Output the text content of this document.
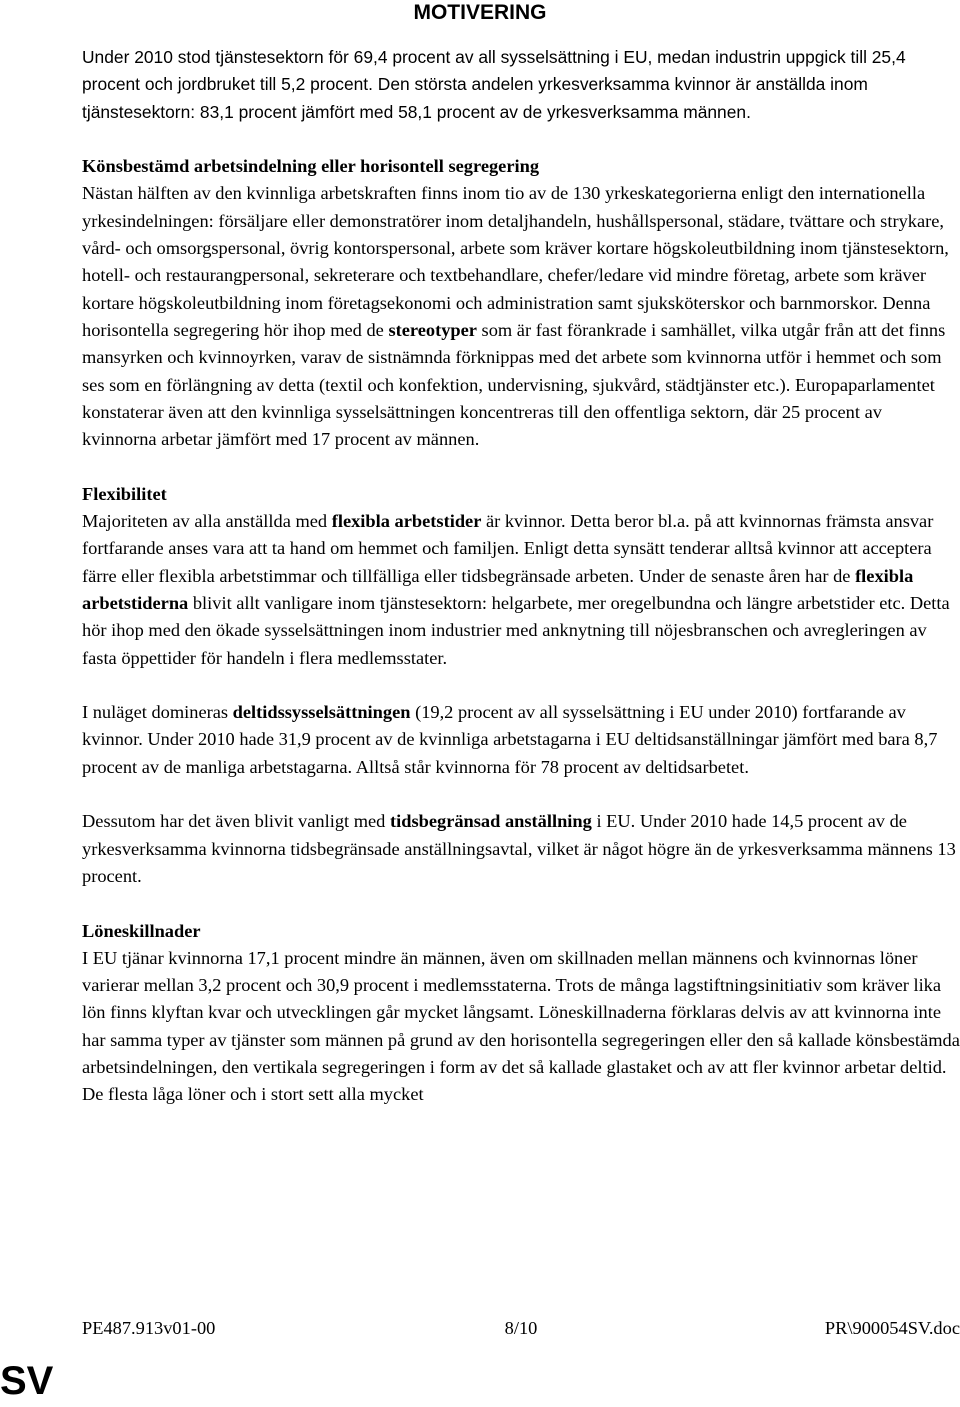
MOTIVERING

Under 2010 stod tjänstesektorn för 69,4 procent av all sysselsättning i EU, medan industrin uppgick till 25,4 procent och jordbruket till 5,2 procent. Den största andelen yrkesverksamma kvinnor är anställda inom tjänstesektorn: 83,1 procent jämfört med 58,1 procent av de yrkesverksamma männen.

Könsbestämd arbetsindelning eller horisontell segregering

Nästan hälften av den kvinnliga arbetskraften finns inom tio av de 130 yrkeskategorierna enligt den internationella yrkesindelningen: försäljare eller demonstratörer inom detaljhandeln, hushållspersonal, städare, tvättare och strykare, vård- och omsorgspersonal, övrig kontorspersonal, arbete som kräver kortare högskoleutbildning inom tjänstesektorn, hotell- och restaurangpersonal, sekreterare och textbehandlare, chefer/ledare vid mindre företag, arbete som kräver kortare högskoleutbildning inom företagsekonomi och administration samt sjuksköterskor och barnmorskor. Denna horisontella segregering hör ihop med de stereotyper som är fast förankrade i samhället, vilka utgår från att det finns mansyrken och kvinnoyrken, varav de sistnämnda förknippas med det arbete som kvinnorna utför i hemmet och som ses som en förlängning av detta (textil och konfektion, undervisning, sjukvård, städtjänster etc.). Europaparlamentet konstaterar även att den kvinnliga sysselsättningen koncentreras till den offentliga sektorn, där 25 procent av kvinnorna arbetar jämfört med 17 procent av männen.

Flexibilitet

Majoriteten av alla anställda med flexibla arbetstider är kvinnor. Detta beror bl.a. på att kvinnornas främsta ansvar fortfarande anses vara att ta hand om hemmet och familjen. Enligt detta synsätt tenderar alltså kvinnor att acceptera färre eller flexibla arbetstimmar och tillfälliga eller tidsbegränsade arbeten. Under de senaste åren har de flexibla arbetstiderna blivit allt vanligare inom tjänstesektorn: helgarbete, mer oregelbundna och längre arbetstider etc. Detta hör ihop med den ökade sysselsättningen inom industrier med anknytning till nöjesbranschen och avregleringen av fasta öppettider för handeln i flera medlemsstater.

I nuläget domineras deltidssysselsättningen (19,2 procent av all sysselsättning i EU under 2010) fortfarande av kvinnor. Under 2010 hade 31,9 procent av de kvinnliga arbetstagarna i EU deltidsanställningar jämfört med bara 8,7 procent av de manliga arbetstagarna. Alltså står kvinnorna för 78 procent av deltidsarbetet.

Dessutom har det även blivit vanligt med tidsbegränsad anställning i EU. Under 2010 hade 14,5 procent av de yrkesverksamma kvinnorna tidsbegränsade anställningsavtal, vilket är något högre än de yrkesverksamma männens 13 procent.

Löneskillnader

I EU tjänar kvinnorna 17,1 procent mindre än männen, även om skillnaden mellan männens och kvinnornas löner varierar mellan 3,2 procent och 30,9 procent i medlemsstaterna. Trots de många lagstiftningsinitiativ som kräver lika lön finns klyftan kvar och utvecklingen går mycket långsamt. Löneskillnaderna förklaras delvis av att kvinnorna inte har samma typer av tjänster som männen på grund av den horisontella segregeringen eller den så kallade könsbestämda arbetsindelningen, den vertikala segregeringen i form av det så kallade glastaket och av att fler kvinnor arbetar deltid. De flesta låga löner och i stort sett alla mycket

PE487.913v01-00	8/10	PR\900054SV.doc
SV
